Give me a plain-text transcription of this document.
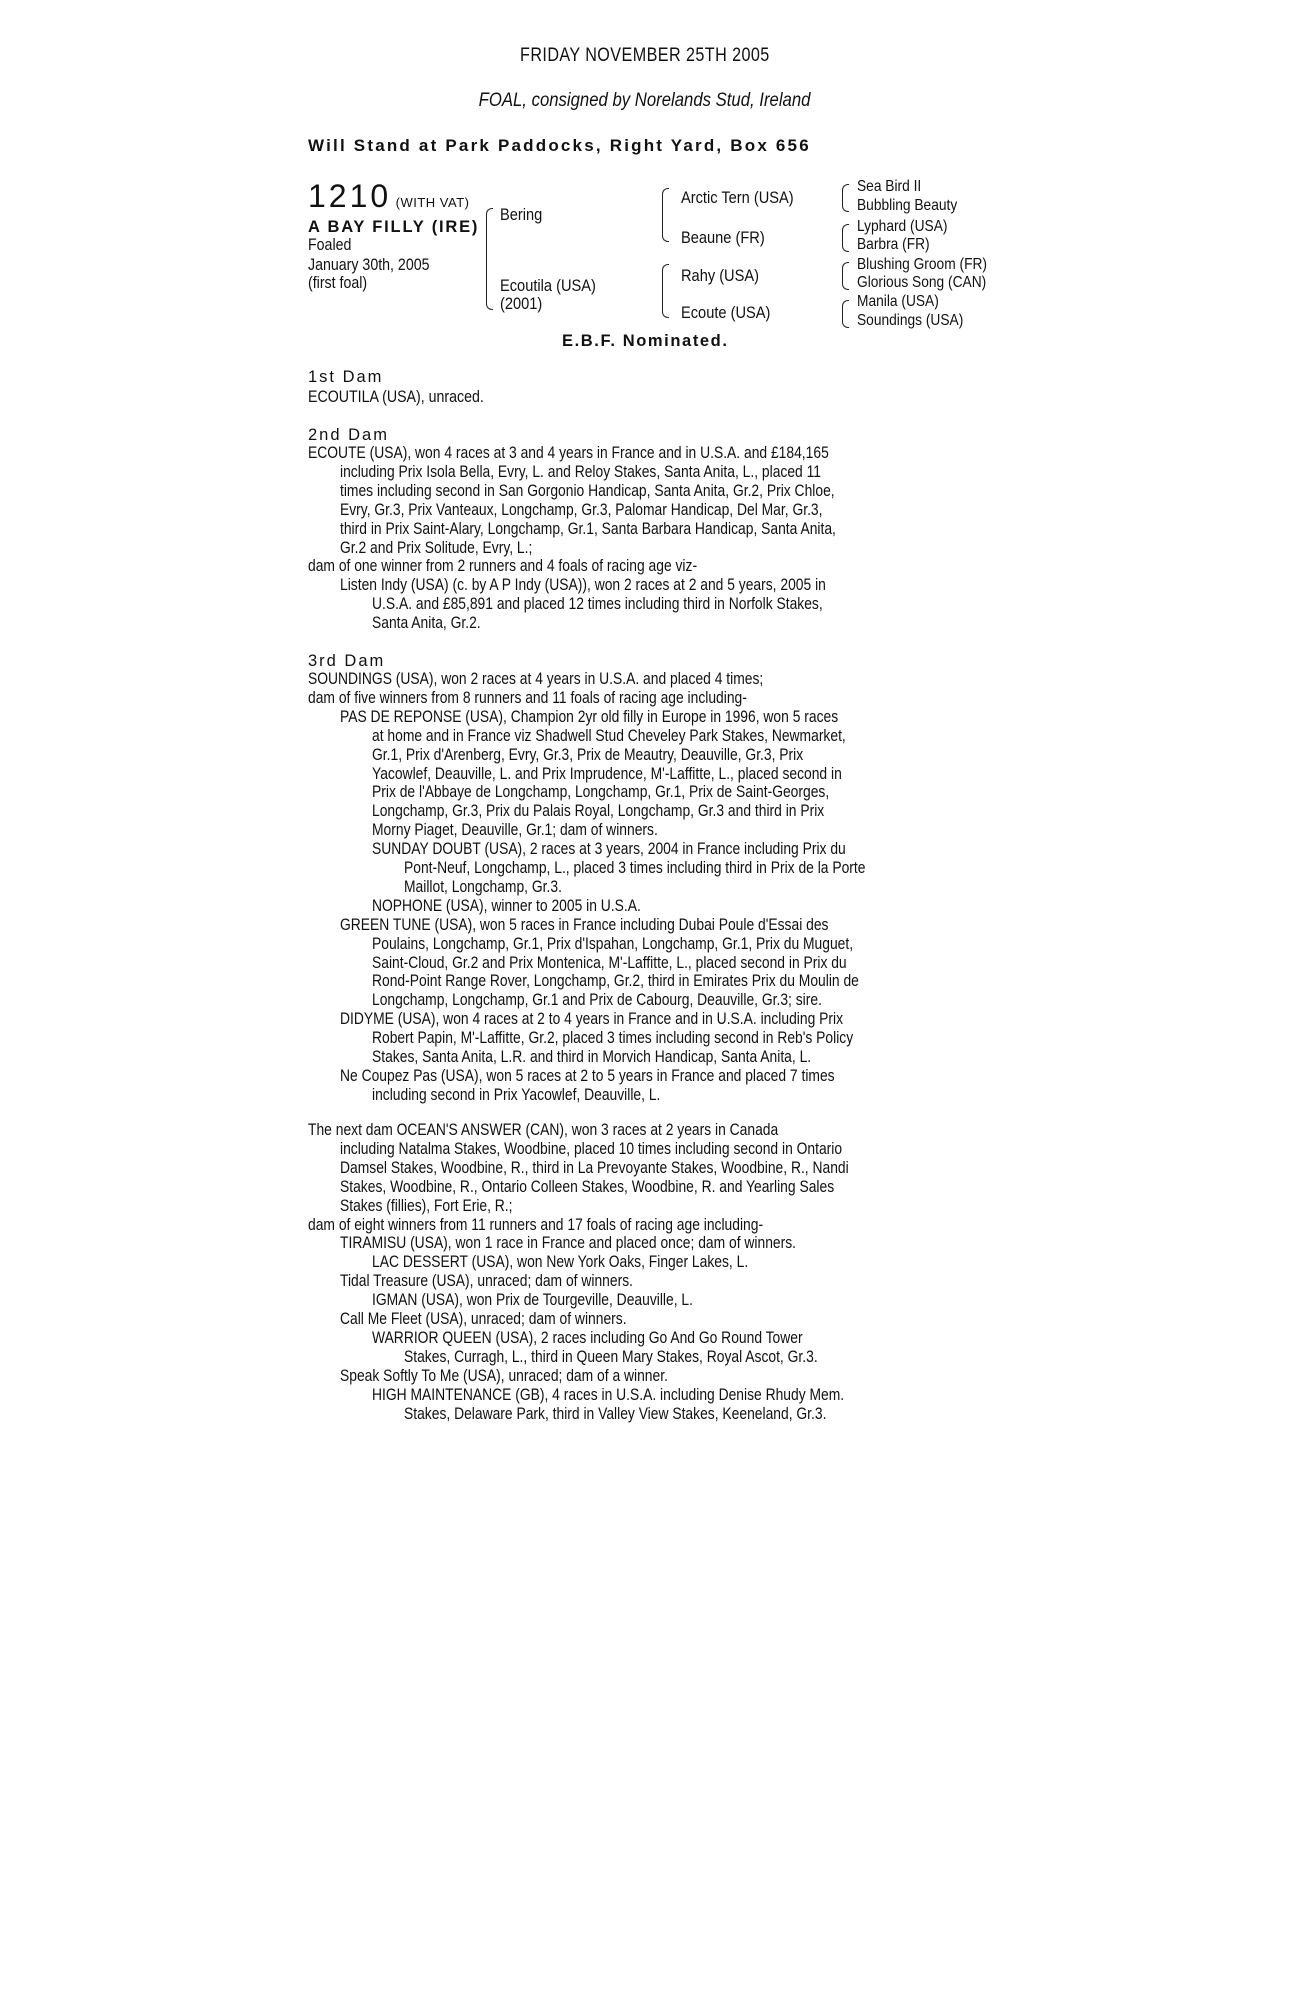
FRIDAY NOVEMBER 25TH 2005
FOAL, consigned by Norelands Stud, Ireland
Will Stand at Park Paddocks, Right Yard, Box 656
1210 (WITH VAT)
A BAY FILLY (IRE)
Foaled
January 30th, 2005
(first foal)
Bering
Ecoutila (USA)
(2001)
Arctic Tern (USA)
Beaune (FR)
Rahy (USA)
Ecoute (USA)
Sea Bird II
Bubbling Beauty
Lyphard (USA)
Barbra (FR)
Blushing Groom (FR)
Glorious Song (CAN)
Manila (USA)
Soundings (USA)
E.B.F. Nominated.
1st Dam
ECOUTILA (USA), unraced.
2nd Dam
ECOUTE (USA), won 4 races at 3 and 4 years in France and in U.S.A. and £184,165
including Prix Isola Bella, Evry, L. and Reloy Stakes, Santa Anita, L., placed 11
times including second in San Gorgonio Handicap, Santa Anita, Gr.2, Prix Chloe,
Evry, Gr.3, Prix Vanteaux, Longchamp, Gr.3, Palomar Handicap, Del Mar, Gr.3,
third in Prix Saint-Alary, Longchamp, Gr.1, Santa Barbara Handicap, Santa Anita,
Gr.2 and Prix Solitude, Evry, L.;
dam of one winner from 2 runners and 4 foals of racing age viz-
Listen Indy (USA) (c. by A P Indy (USA)), won 2 races at 2 and 5 years, 2005 in
U.S.A. and £85,891 and placed 12 times including third in Norfolk Stakes,
Santa Anita, Gr.2.
3rd Dam
SOUNDINGS (USA), won 2 races at 4 years in U.S.A. and placed 4 times;
dam of five winners from 8 runners and 11 foals of racing age including-
PAS DE REPONSE (USA), Champion 2yr old filly in Europe in 1996, won 5 races
at home and in France viz Shadwell Stud Cheveley Park Stakes, Newmarket,
Gr.1, Prix d'Arenberg, Evry, Gr.3, Prix de Meautry, Deauville, Gr.3, Prix
Yacowlef, Deauville, L. and Prix Imprudence, M'-Laffitte, L., placed second in
Prix de l'Abbaye de Longchamp, Longchamp, Gr.1, Prix de Saint-Georges,
Longchamp, Gr.3, Prix du Palais Royal, Longchamp, Gr.3 and third in Prix
Morny Piaget, Deauville, Gr.1; dam of winners.
SUNDAY DOUBT (USA), 2 races at 3 years, 2004 in France including Prix du
Pont-Neuf, Longchamp, L., placed 3 times including third in Prix de la Porte
Maillot, Longchamp, Gr.3.
NOPHONE (USA), winner to 2005 in U.S.A.
GREEN TUNE (USA), won 5 races in France including Dubai Poule d'Essai des
Poulains, Longchamp, Gr.1, Prix d'Ispahan, Longchamp, Gr.1, Prix du Muguet,
Saint-Cloud, Gr.2 and Prix Montenica, M'-Laffitte, L., placed second in Prix du
Rond-Point Range Rover, Longchamp, Gr.2, third in Emirates Prix du Moulin de
Longchamp, Longchamp, Gr.1 and Prix de Cabourg, Deauville, Gr.3; sire.
DIDYME (USA), won 4 races at 2 to 4 years in France and in U.S.A. including Prix
Robert Papin, M'-Laffitte, Gr.2, placed 3 times including second in Reb's Policy
Stakes, Santa Anita, L.R. and third in Morvich Handicap, Santa Anita, L.
Ne Coupez Pas (USA), won 5 races at 2 to 5 years in France and placed 7 times
including second in Prix Yacowlef, Deauville, L.
The next dam OCEAN'S ANSWER (CAN), won 3 races at 2 years in Canada
including Natalma Stakes, Woodbine, placed 10 times including second in Ontario
Damsel Stakes, Woodbine, R., third in La Prevoyante Stakes, Woodbine, R., Nandi
Stakes, Woodbine, R., Ontario Colleen Stakes, Woodbine, R. and Yearling Sales
Stakes (fillies), Fort Erie, R.;
dam of eight winners from 11 runners and 17 foals of racing age including-
TIRAMISU (USA), won 1 race in France and placed once; dam of winners.
LAC DESSERT (USA), won New York Oaks, Finger Lakes, L.
Tidal Treasure (USA), unraced; dam of winners.
IGMAN (USA), won Prix de Tourgeville, Deauville, L.
Call Me Fleet (USA), unraced; dam of winners.
WARRIOR QUEEN (USA), 2 races including Go And Go Round Tower
Stakes, Curragh, L., third in Queen Mary Stakes, Royal Ascot, Gr.3.
Speak Softly To Me (USA), unraced; dam of a winner.
HIGH MAINTENANCE (GB), 4 races in U.S.A. including Denise Rhudy Mem.
Stakes, Delaware Park, third in Valley View Stakes, Keeneland, Gr.3.
